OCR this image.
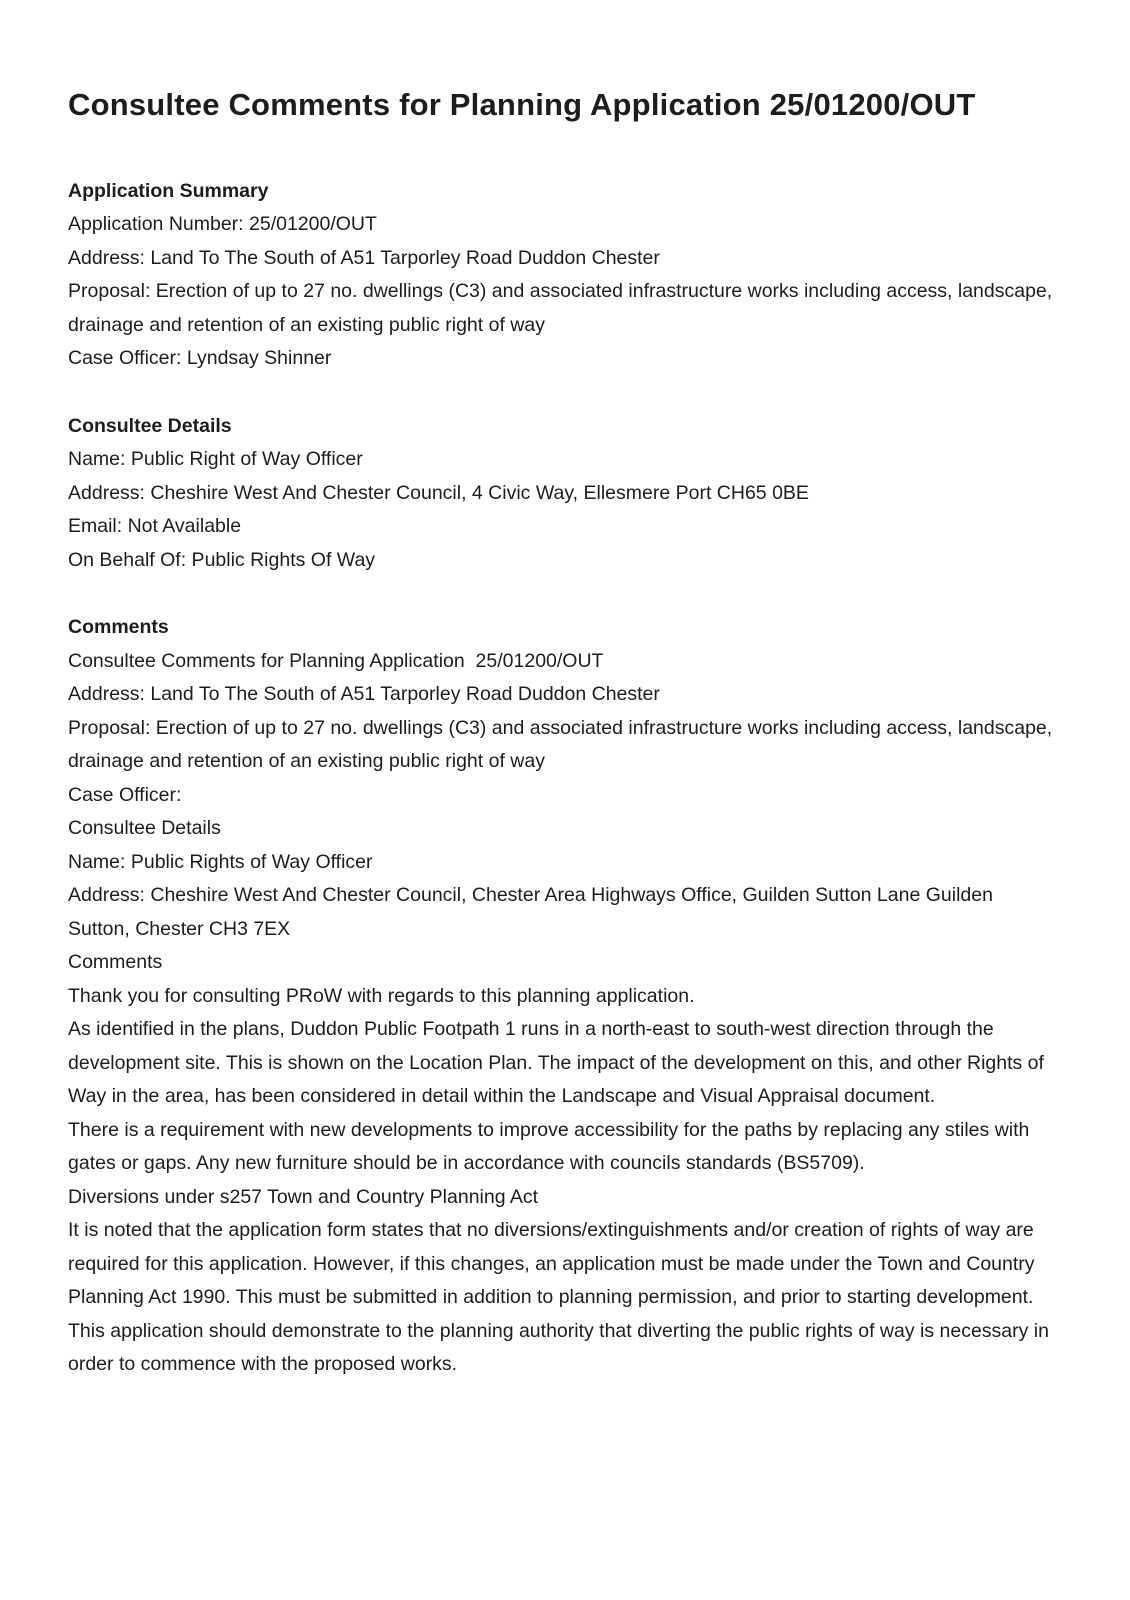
Consultee Comments for Planning Application 25/01200/OUT
Application Summary

Application Number: 25/01200/OUT

Address: Land To The South of A51 Tarporley Road Duddon Chester

Proposal: Erection of up to 27 no. dwellings (C3) and associated infrastructure works including access, landscape, drainage and retention of an existing public right of way

Case Officer: Lyndsay Shinner

Consultee Details

Name: Public Right of Way Officer

Address: Cheshire West And Chester Council, 4 Civic Way, Ellesmere Port CH65 0BE

Email: Not Available

On Behalf Of: Public Rights Of Way

Comments

Consultee Comments for Planning Application  25/01200/OUT

Address: Land To The South of A51 Tarporley Road Duddon Chester

Proposal: Erection of up to 27 no. dwellings (C3) and associated infrastructure works including access, landscape, drainage and retention of an existing public right of way

Case Officer:

Consultee Details

Name: Public Rights of Way Officer

Address: Cheshire West And Chester Council, Chester Area Highways Office, Guilden Sutton Lane Guilden Sutton, Chester CH3 7EX

Comments

Thank you for consulting PRoW with regards to this planning application.

As identified in the plans, Duddon Public Footpath 1 runs in a north-east to south-west direction through the development site. This is shown on the Location Plan. The impact of the development on this, and other Rights of Way in the area, has been considered in detail within the Landscape and Visual Appraisal document.

There is a requirement with new developments to improve accessibility for the paths by replacing any stiles with gates or gaps. Any new furniture should be in accordance with councils standards (BS5709).

Diversions under s257 Town and Country Planning Act

It is noted that the application form states that no diversions/extinguishments and/or creation of rights of way are required for this application. However, if this changes, an application must be made under the Town and Country Planning Act 1990. This must be submitted in addition to planning permission, and prior to starting development. This application should demonstrate to the planning authority that diverting the public rights of way is necessary in order to commence with the proposed works.
